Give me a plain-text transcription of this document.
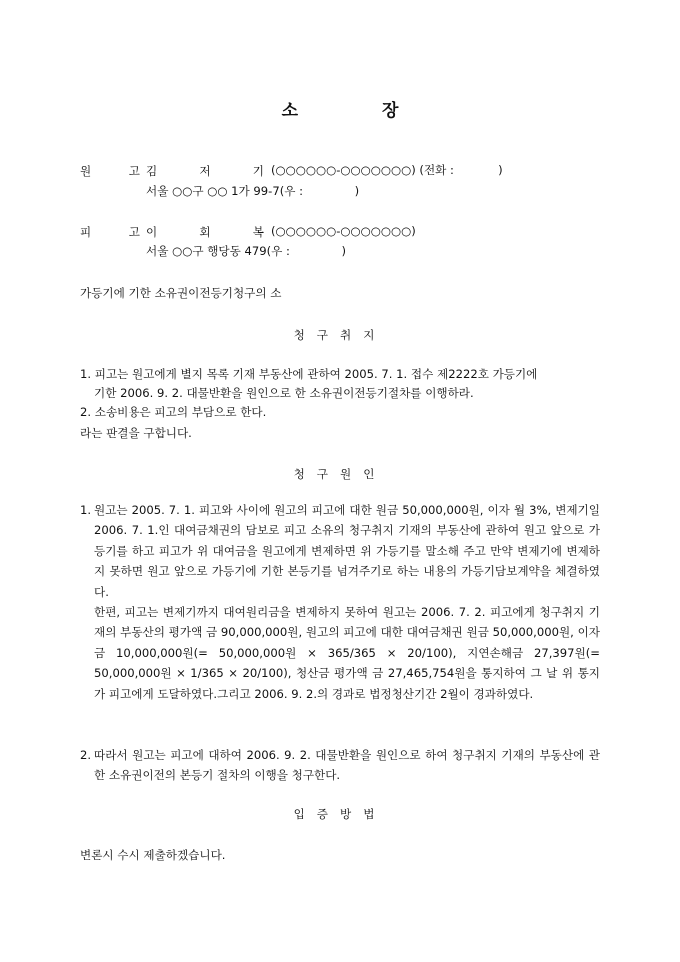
소	장
원	고 김	저	기 (○○○○○○-○○○○○○○) (전화 :            )
서울 ○○구 ○○ 1가 99-7(우 :              )
피	고 이	회	복 (○○○○○○-○○○○○○○)
서울 ○○구 행당동 479(우 :              )
가등기에 기한 소유권이전등기청구의 소
청구취지
1. 피고는 원고에게 별지 목록 기재 부동산에 관하여 2005. 7. 1. 접수 제2222호 가등기에
기한 2006. 9. 2. 대물반환을 원인으로 한 소유권이전등기절차를 이행하라.
2. 소송비용은 피고의 부담으로 한다.
라는 판결을 구합니다.
청구원인
1. 원고는 2005. 7. 1. 피고와 사이에 원고의 피고에 대한 원금 50,000,000원, 이자 월 3%, 변제기일 2006. 7. 1.인 대여금채권의 담보로 피고 소유의 청구취지 기재의 부동산에 관하여 원고 앞으로 가등기를 하고 피고가 위 대여금을 원고에게 변제하면 위 가등기를 말소해 주고 만약 변제기에 변제하지 못하면 원고 앞으로 가등기에 기한 본등기를 넘겨주기로 하는 내용의 가등기담보계약을 체결하였다.
한편, 피고는 변제기까지 대여원리금을 변제하지 못하여 원고는 2006. 7. 2. 피고에게 청구취지 기재의 부동산의 평가액 금 90,000,000원, 원고의 피고에 대한 대여금채권 원금 50,000,000원, 이자 금 10,000,000원(= 50,000,000원 × 365/365 × 20/100), 지연손해금 27,397원(= 50,000,000원 × 1/365 × 20/100), 청산금 평가액 금 27,465,754원을 통지하여 그 날 위 통지가 피고에게 도달하였다.그리고 2006. 9. 2.의 경과로 법정청산기간 2월이 경과하였다.
2. 따라서 원고는 피고에 대하여 2006. 9. 2. 대물반환을 원인으로 하여 청구취지 기재의 부동산에 관한 소유권이전의 본등기 절차의 이행을 청구한다.
입증방법
변론시 수시 제출하겠습니다.
